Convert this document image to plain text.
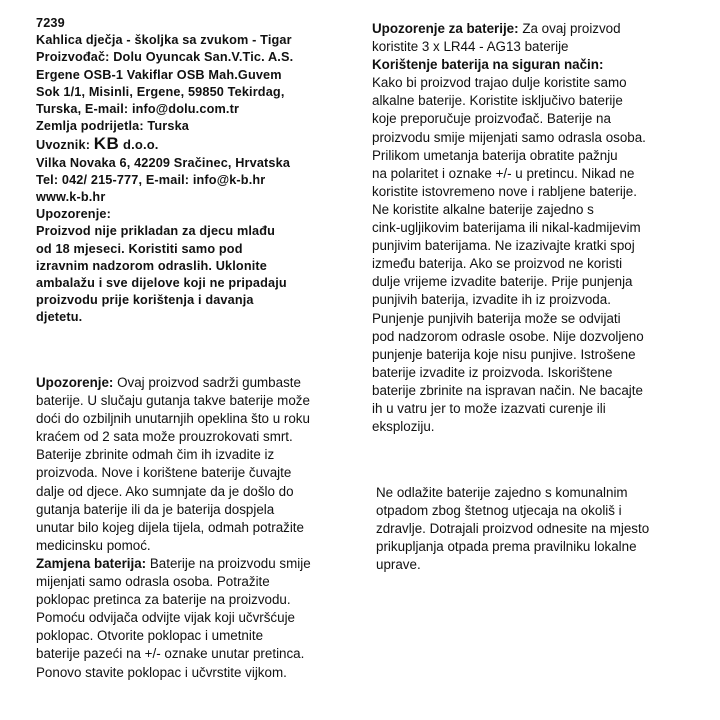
7239
Kahlica dječja - školjka sa zvukom - Tigar
Proizvođač: Dolu Oyuncak San.V.Tic. A.S.
Ergene OSB-1 Vakiflar OSB Mah.Guvem
Sok 1/1, Misinli, Ergene, 59850 Tekirdag,
Turska, E-mail: info@dolu.com.tr
Zemlja podrijetla: Turska
Uvoznik: KB d.o.o.
Vilka Novaka 6, 42209 Sračinec, Hrvatska
Tel: 042/ 215-777, E-mail: info@k-b.hr
www.k-b.hr
Upozorenje:
Proizvod nije prikladan za djecu mlađu
od 18 mjeseci. Koristiti samo pod
izravnim nadzorom odraslih. Uklonite
ambalažu i sve dijelove koji ne pripadaju
proizvodu prije korištenja i davanja
djetetu.
Upozorenje: Ovaj proizvod sadrži gumbaste
baterije. U slučaju gutanja takve baterije može
doći do ozbiljnih unutarnjih opeklina što u roku
kraćem od 2 sata može prouzrokovati smrt.
Baterije zbrinite odmah čim ih izvadite iz
proizvoda. Nove i korištene baterije čuvajte
dalje od djece. Ako sumnjate da je došlo do
gutanja baterije ili da je baterija dospjela
unutar bilo kojeg dijela tijela, odmah potražite
medicinsku pomoć.
Zamjena baterija: Baterije na proizvodu smije
mijenjati samo odrasla osoba. Potražite
poklopac pretinca za baterije na proizvodu.
Pomoću odvijača odvijte vijak koji učvršćuje
poklopac. Otvorite poklopac i umetnite
baterije pazeći na +/- oznake unutar pretinca.
Ponovo stavite poklopac i učvrstite vijkom.
Upozorenje za baterije: Za ovaj proizvod
koristite 3 x LR44 - AG13 baterije
Korištenje baterija na siguran način:
Kako bi proizvod trajao dulje koristite samo
alkalne baterije. Koristite isključivo baterije
koje preporučuje proizvođač. Baterije na
proizvodu smije mijenjati samo odrasla osoba.
Prilikom umetanja baterija obratite pažnju
na polaritet i oznake +/- u pretincu. Nikad ne
koristite istovremeno nove i rabljene baterije.
Ne koristite alkalne baterije zajedno s
cink-ugljikovim baterijama ili nikal-kadmijevim
punjivim baterijama. Ne izazivajte kratki spoj
između baterija. Ako se proizvod ne koristi
dulje vrijeme izvadite baterije. Prije punjenja
punjivih baterija, izvadite ih iz proizvoda.
Punjenje punjivih baterija može se odvijati
pod nadzorom odrasle osobe. Nije dozvoljeno
punjenje baterija koje nisu punjive. Istrošene
baterije izvadite iz proizvoda. Iskorištene
baterije zbrinite na ispravan način. Ne bacajte
ih u vatru jer to može izazvati curenje ili
eksploziju.
Ne odlažite baterije zajedno s komunalnim
otpadom zbog štetnog utjecaja na okoliš i
zdravlje. Dotrajali proizvod odnesite na mjesto
prikupljanja otpada prema pravilniku lokalne
uprave.
